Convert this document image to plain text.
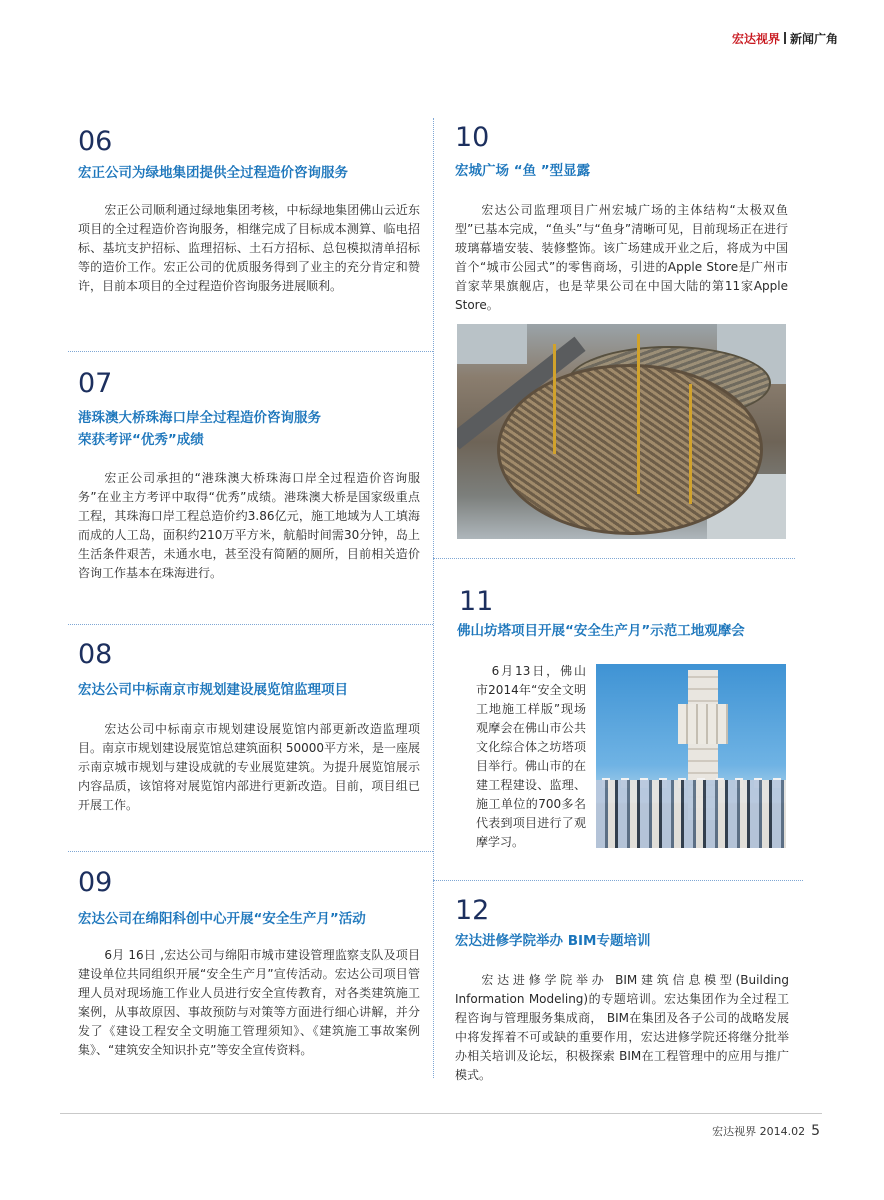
宏达视界 新闻广角
06
宏正公司为绿地集团提供全过程造价咨询服务

宏正公司顺利通过绿地集团考核，中标绿地集团佛山云近东项目的全过程造价咨询服务，相继完成了目标成本测算、临电招标、基坑支护招标、监理招标、土石方招标、总包模拟清单招标等的造价工作。宏正公司的优质服务得到了业主的充分肯定和赞许，目前本项目的全过程造价咨询服务进展顺利。

07
港珠澳大桥珠海口岸全过程造价咨询服务
荣获考评“优秀”成绩

宏正公司承担的“港珠澳大桥珠海口岸全过程造价咨询服务”在业主方考评中取得“优秀”成绩。港珠澳大桥是国家级重点工程，其珠海口岸工程总造价约3.86亿元，施工地域为人工填海而成的人工岛，面积约210万平方米，航船时间需30分钟，岛上生活条件艰苦，未通水电，甚至没有简陋的厕所，目前相关造价咨询工作基本在珠海进行。

08
宏达公司中标南京市规划建设展览馆监理项目

宏达公司中标南京市规划建设展览馆内部更新改造监理项目。南京市规划建设展览馆总建筑面积 50000平方米，是一座展示南京城市规划与建设成就的专业展览建筑。为提升展览馆展示内容品质，该馆将对展览馆内部进行更新改造。目前，项目组已开展工作。

09
宏达公司在绵阳科创中心开展“安全生产月”活动

6月 16日 ,宏达公司与绵阳市城市建设管理监察支队及项目建设单位共同组织开展“安全生产月”宣传活动。宏达公司项目管理人员对现场施工作业人员进行安全宣传教育，对各类建筑施工案例，从事故原因、事故预防与对策等方面进行细心讲解，并分发了《建设工程安全文明施工管理须知》、《建筑施工事故案例集》、“建筑安全知识扑克”等安全宣传资料。

10
宏城广场 “鱼 ”型显露

宏达公司监理项目广州宏城广场的主体结构“太极双鱼型”已基本完成，“鱼头”与“鱼身”清晰可见，目前现场正在进行玻璃幕墙安装、装修整饰。该广场建成开业之后，将成为中国首个“城市公园式”的零售商场，引进的Apple Store是广州市首家苹果旗舰店，也是苹果公司在中国大陆的第11家Apple Store。

11
佛山坊塔项目开展“安全生产月”示范工地观摩会

6月13日，佛山市2014年“安全文明工地施工样版”现场观摩会在佛山市公共文化综合体之坊塔项目举行。佛山市的在建工程建设、监理、施工单位的700多名代表到项目进行了观摩学习。

12
宏达进修学院举办 BIM专题培训

宏达进修学院举办 BIM建筑信息模型(Building Information Modeling)的专题培训。宏达集团作为全过程工程咨询与管理服务集成商， BIM在集团及各子公司的战略发展中将发挥着不可或缺的重要作用，宏达进修学院还将继分批举办相关培训及论坛，积极探索 BIM在工程管理中的应用与推广模式。

宏达视界 2014.02 5
